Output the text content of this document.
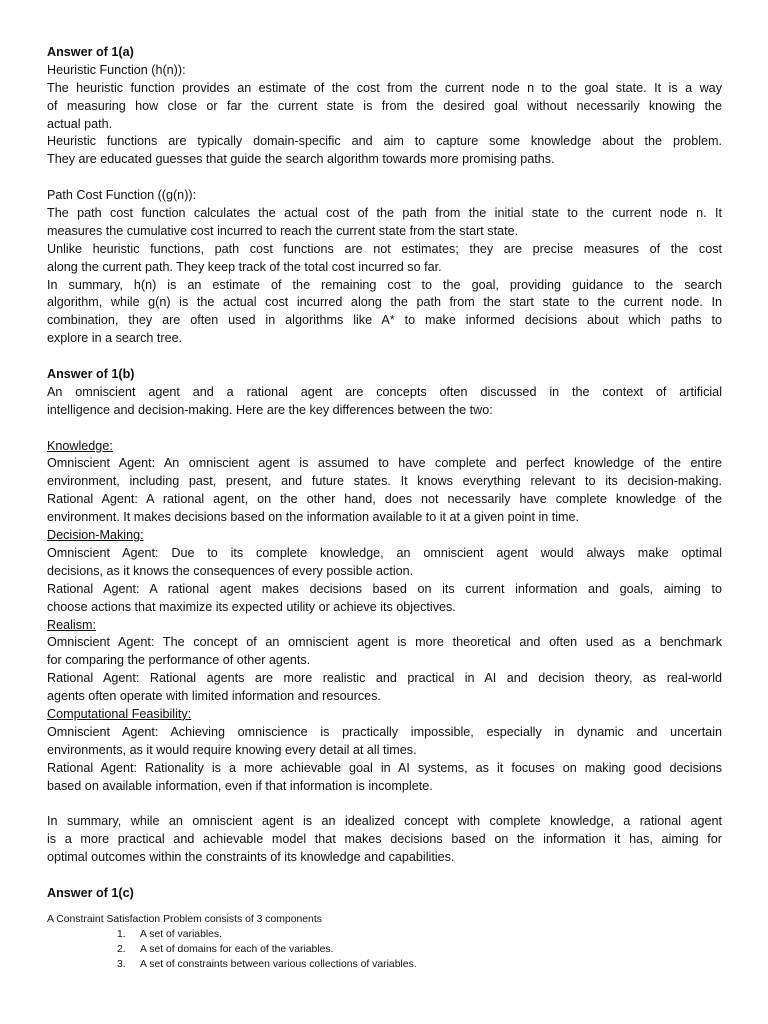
Answer of 1(a)
Heuristic Function (h(n)):
The heuristic function provides an estimate of the cost from the current node n to the goal state. It is a way
of measuring how close or far the current state is from the desired goal without necessarily knowing the
actual path.
Heuristic functions are typically domain-specific and aim to capture some knowledge about the problem.
They are educated guesses that guide the search algorithm towards more promising paths.
Path Cost Function ((g(n)):
The path cost function calculates the actual cost of the path from the initial state to the current node n. It
measures the cumulative cost incurred to reach the current state from the start state.
Unlike heuristic functions, path cost functions are not estimates; they are precise measures of the cost
along the current path. They keep track of the total cost incurred so far.
In summary, h(n) is an estimate of the remaining cost to the goal, providing guidance to the search
algorithm, while g(n) is the actual cost incurred along the path from the start state to the current node. In
combination, they are often used in algorithms like A* to make informed decisions about which paths to
explore in a search tree.
Answer of 1(b)
An omniscient agent and a rational agent are concepts often discussed in the context of artificial
intelligence and decision-making. Here are the key differences between the two:
Knowledge:
Omniscient Agent: An omniscient agent is assumed to have complete and perfect knowledge of the entire
environment, including past, present, and future states. It knows everything relevant to its decision-making.
Rational Agent: A rational agent, on the other hand, does not necessarily have complete knowledge of the
environment. It makes decisions based on the information available to it at a given point in time.
Decision-Making:
Omniscient Agent: Due to its complete knowledge, an omniscient agent would always make optimal
decisions, as it knows the consequences of every possible action.
Rational Agent: A rational agent makes decisions based on its current information and goals, aiming to
choose actions that maximize its expected utility or achieve its objectives.
Realism:
Omniscient Agent: The concept of an omniscient agent is more theoretical and often used as a benchmark
for comparing the performance of other agents.
Rational Agent: Rational agents are more realistic and practical in AI and decision theory, as real-world
agents often operate with limited information and resources.
Computational Feasibility:
Omniscient Agent: Achieving omniscience is practically impossible, especially in dynamic and uncertain
environments, as it would require knowing every detail at all times.
Rational Agent: Rationality is a more achievable goal in AI systems, as it focuses on making good decisions
based on available information, even if that information is incomplete.
In summary, while an omniscient agent is an idealized concept with complete knowledge, a rational agent
is a more practical and achievable model that makes decisions based on the information it has, aiming for
optimal outcomes within the constraints of its knowledge and capabilities.
Answer of 1(c)
A Constraint Satisfaction Problem consists of 3 components
1. A set of variables.
2. A set of domains for each of the variables.
3. A set of constraints between various collections of variables.
